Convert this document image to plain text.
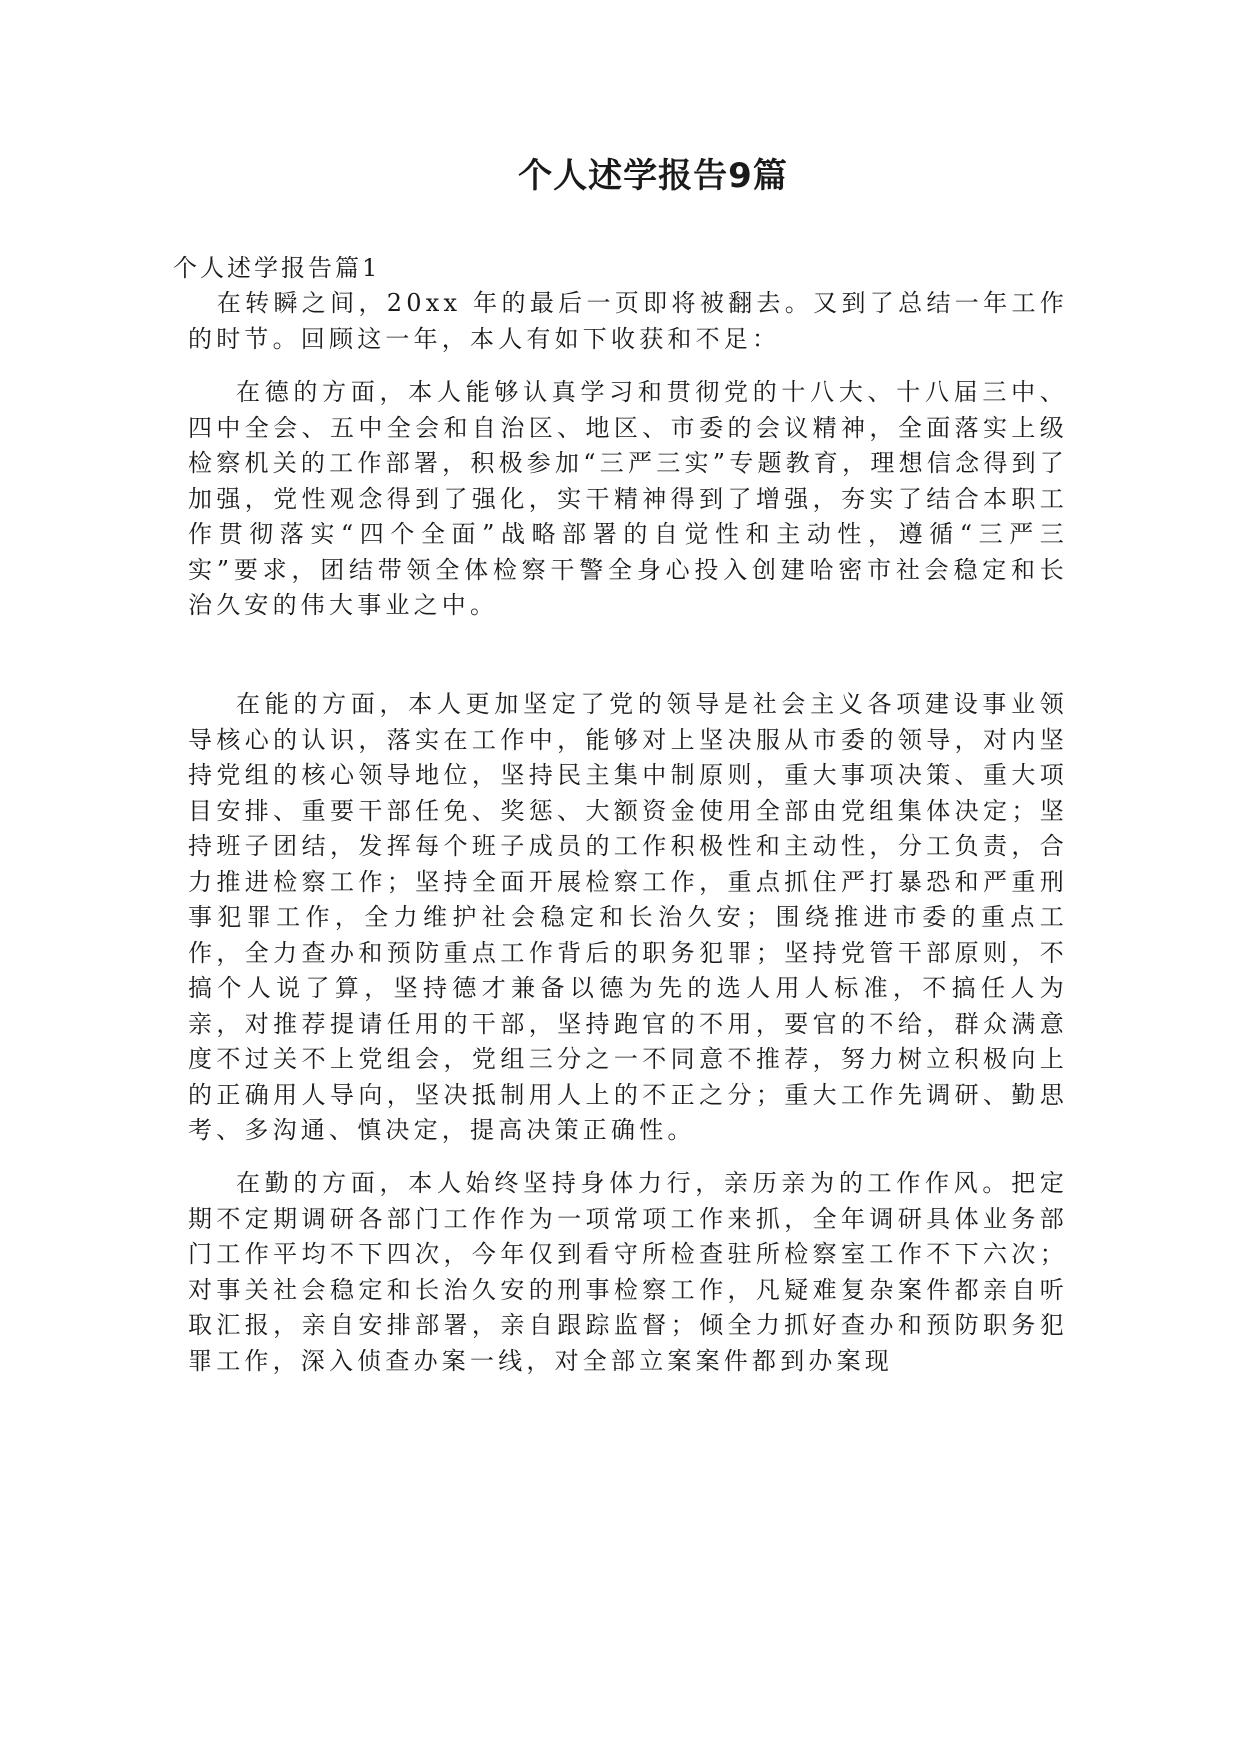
个人述学报告9篇

个人述学报告篇1

在转瞬之间，20xx 年的最后一页即将被翻去。又到了总结一年工作的时节。回顾这一年，本人有如下收获和不足：

在德的方面，本人能够认真学习和贯彻党的十八大、十八届三中、四中全会、五中全会和自治区、地区、市委的会议精神，全面落实上级检察机关的工作部署，积极参加“三严三实”专题教育，理想信念得到了加强，党性观念得到了强化，实干精神得到了增强，夯实了结合本职工作贯彻落实“四个全面”战略部署的自觉性和主动性，遵循“三严三实”要求，团结带领全体检察干警全身心投入创建哈密市社会稳定和长治久安的伟大事业之中。

在能的方面，本人更加坚定了党的领导是社会主义各项建设事业领导核心的认识，落实在工作中，能够对上坚决服从市委的领导，对内坚持党组的核心领导地位，坚持民主集中制原则，重大事项决策、重大项目安排、重要干部任免、奖惩、大额资金使用全部由党组集体决定；坚持班子团结，发挥每个班子成员的工作积极性和主动性，分工负责，合力推进检察工作；坚持全面开展检察工作，重点抓住严打暴恐和严重刑事犯罪工作，全力维护社会稳定和长治久安；围绕推进市委的重点工作，全力查办和预防重点工作背后的职务犯罪；坚持党管干部原则，不搞个人说了算，坚持德才兼备以德为先的选人用人标准，不搞任人为亲，对推荐提请任用的干部，坚持跑官的不用，要官的不给，群众满意度不过关不上党组会，党组三分之一不同意不推荐，努力树立积极向上的正确用人导向，坚决抵制用人上的不正之分；重大工作先调研、勤思考、多沟通、慎决定，提高决策正确性。

在勤的方面，本人始终坚持身体力行，亲历亲为的工作作风。把定期不定期调研各部门工作作为一项常项工作来抓，全年调研具体业务部门工作平均不下四次，今年仅到看守所检查驻所检察室工作不下六次；对事关社会稳定和长治久安的刑事检察工作，凡疑难复杂案件都亲自听取汇报，亲自安排部署，亲自跟踪监督；倾全力抓好查办和预防职务犯罪工作，深入侦查办案一线，对全部立案案件都到办案现
